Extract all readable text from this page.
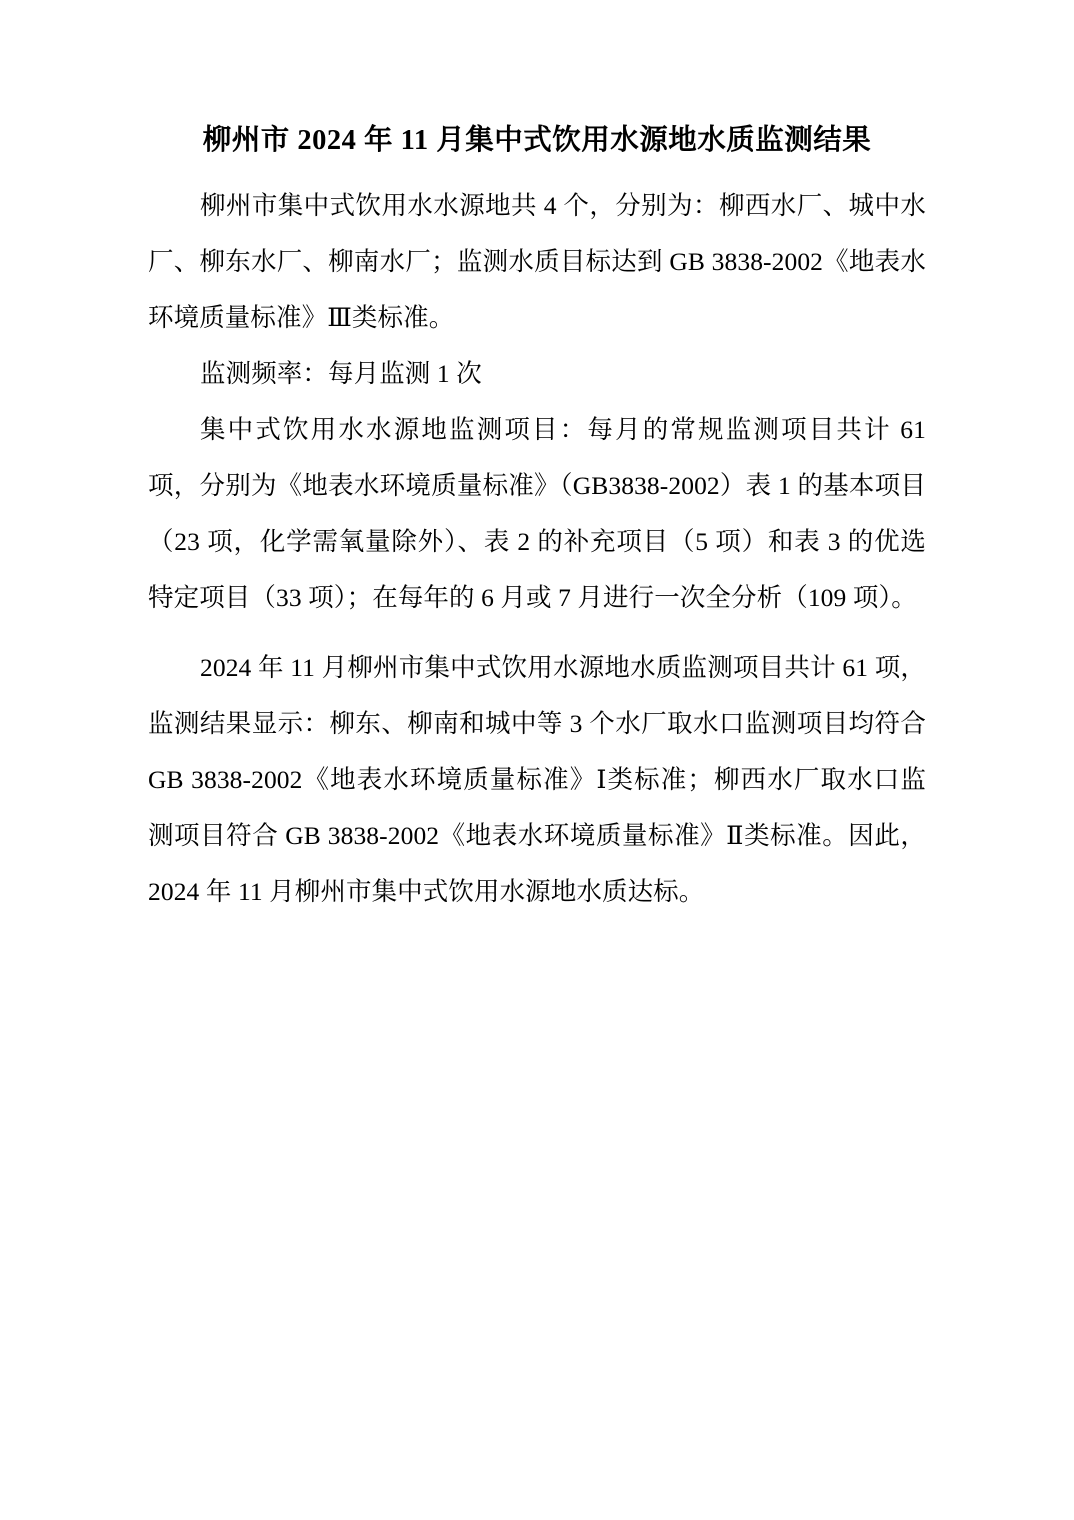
柳州市 2024 年 11 月集中式饮用水源地水质监测结果

柳州市集中式饮用水水源地共 4 个，分别为：柳西水厂、城中水厂、柳东水厂、柳南水厂；监测水质目标达到 GB 3838-2002《地表水环境质量标准》Ⅲ类标准。

监测频率：每月监测 1 次

集中式饮用水水源地监测项目：每月的常规监测项目共计 61 项，分别为《地表水环境质量标准》（GB3838-2002）表 1 的基本项目（23 项，化学需氧量除外）、表 2 的补充项目（5 项）和表 3 的优选特定项目（33 项）；在每年的 6 月或 7 月进行一次全分析（109 项）。

2024 年 11 月柳州市集中式饮用水源地水质监测项目共计 61 项，监测结果显示：柳东、柳南和城中等 3 个水厂取水口监测项目均符合 GB 3838-2002《地表水环境质量标准》Ⅰ类标准；柳西水厂取水口监测项目符合 GB 3838-2002《地表水环境质量标准》Ⅱ类标准。因此，2024 年 11 月柳州市集中式饮用水源地水质达标。
